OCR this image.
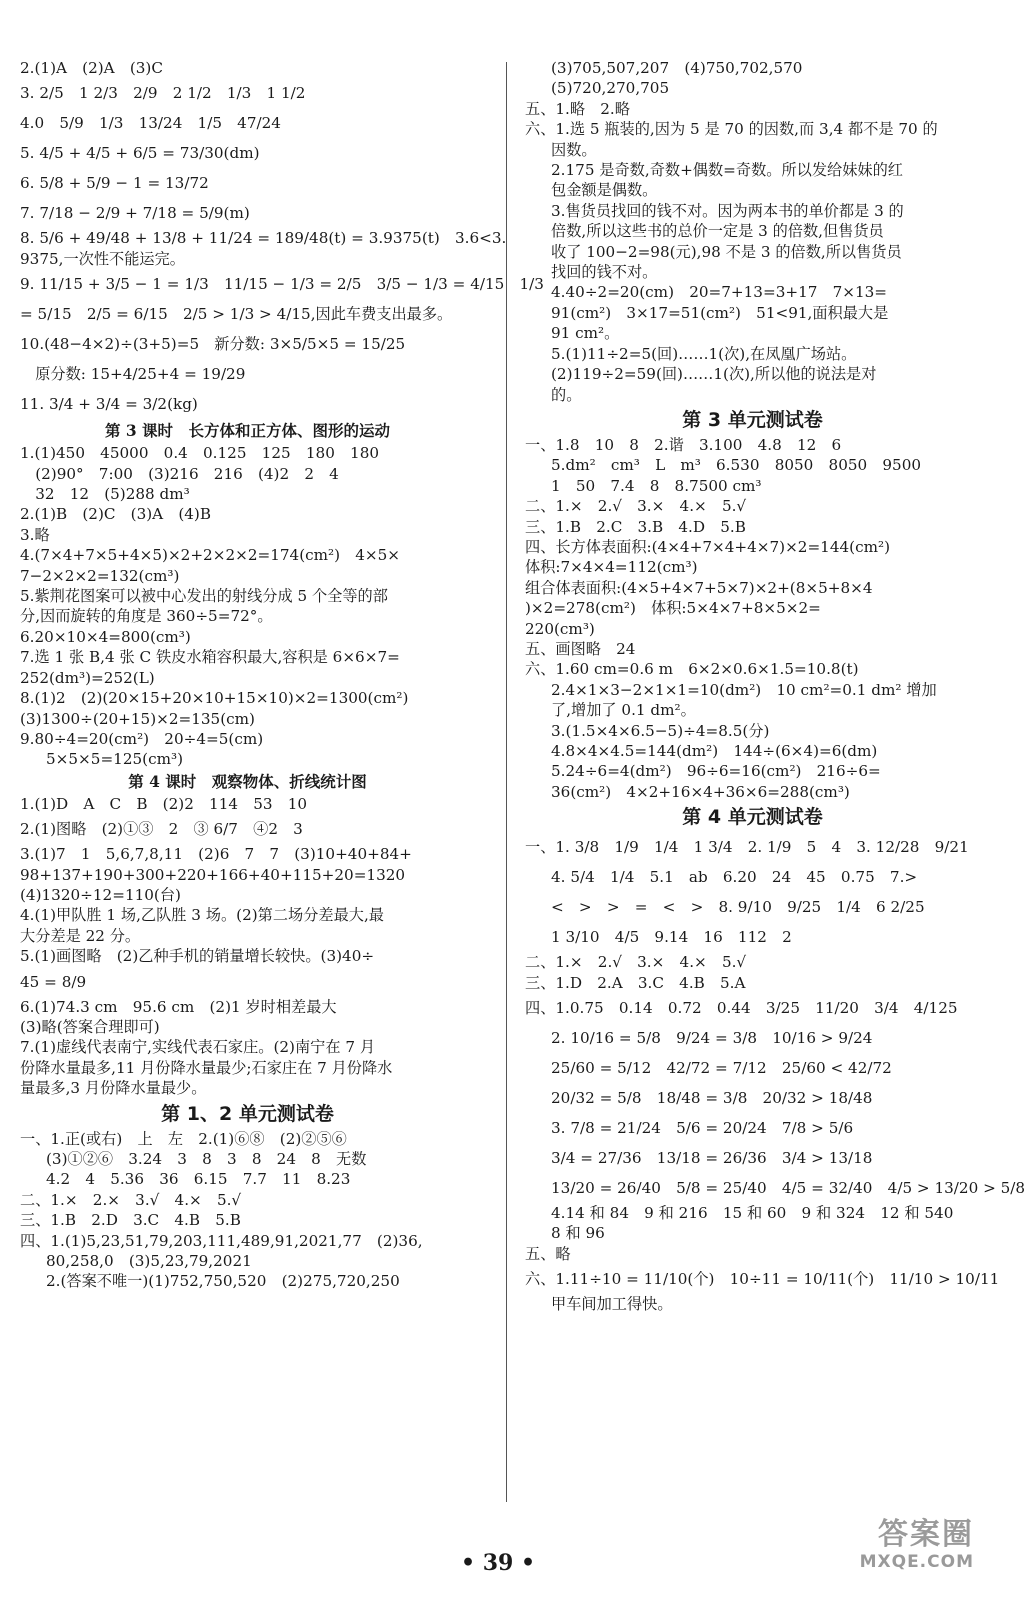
2.(1)A　(2)A　(3)C
3. 2/5　1 2/3　2/9　2 1/2　1/3　1 1/2
4.0　5/9　1/3　13/24　1/5　47/24
5. 4/5 + 4/5 + 6/5 = 73/30(dm)
6. 5/8 + 5/9 − 1 = 13/72
7. 7/18 − 2/9 + 7/18 = 5/9(m)
8. 5/6 + 49/48 + 13/8 + 11/24 = 189/48(t) = 3.9375(t)　3.6<3.
9375,一次性不能运完。
9. 11/15 + 3/5 − 1 = 1/3　11/15 − 1/3 = 2/5　3/5 − 1/3 = 4/15　1/3
= 5/15　2/5 = 6/15　2/5 > 1/3 > 4/15,因此车费支出最多。
10.(48−4×2)÷(3+5)=5　新分数: 3×5/5×5 = 15/25
　原分数: 15+4/25+4 = 19/29
11. 3/4 + 3/4 = 3/2(kg)
第 3 课时　长方体和正方体、图形的运动
1.(1)450　45000　0.4　0.125　125　180　180
　(2)90°　7:00　(3)216　216　(4)2　2　4
　32　12　(5)288 dm³
2.(1)B　(2)C　(3)A　(4)B
3.略
4.(7×4+7×5+4×5)×2+2×2×2=174(cm²)　4×5×
7−2×2×2=132(cm³)
5.紫荆花图案可以被中心发出的射线分成 5 个全等的部
分,因而旋转的角度是 360÷5=72°。
6.20×10×4=800(cm³)
7.选 1 张 B,4 张 C 铁皮水箱容积最大,容积是 6×6×7=
252(dm³)=252(L)
8.(1)2　(2)(20×15+20×10+15×10)×2=1300(cm²)
(3)1300÷(20+15)×2=135(cm)
9.80÷4=20(cm²)　20÷4=5(cm)
5×5×5=125(cm³)
第 4 课时　观察物体、折线统计图
1.(1)D　A　C　B　(2)2　114　53　10
2.(1)图略　(2)①③　2　③ 6/7　④2　3
3.(1)7　1　5,6,7,8,11　(2)6　7　7　(3)10+40+84+
98+137+190+300+220+166+40+115+20=1320
(4)1320÷12=110(台)
4.(1)甲队胜 1 场,乙队胜 3 场。(2)第二场分差最大,最
大分差是 22 分。
5.(1)画图略　(2)乙种手机的销量增长较快。(3)40÷
45 = 8/9
6.(1)74.3 cm　95.6 cm　(2)1 岁时相差最大
(3)略(答案合理即可)
7.(1)虚线代表南宁,实线代表石家庄。(2)南宁在 7 月
份降水量最多,11 月份降水量最少;石家庄在 7 月份降水
量最多,3 月份降水量最少。
第 1、2 单元测试卷
一、1.正(或右)　上　左　2.(1)⑥⑧　(2)②⑤⑥
(3)①②⑥　3.24　3　8　3　8　24　8　无数
4.2　4　5.36　36　6.15　7.7　11　8.23
二、1.×　2.×　3.√　4.×　5.√
三、1.B　2.D　3.C　4.B　5.B
四、1.(1)5,23,51,79,203,111,489,91,2021,77　(2)36,
80,258,0　(3)5,23,79,2021
2.(答案不唯一)(1)752,750,520　(2)275,720,250
(3)705,507,207　(4)750,702,570
(5)720,270,705
五、1.略　2.略
六、1.选 5 瓶装的,因为 5 是 70 的因数,而 3,4 都不是 70 的
因数。
2.175 是奇数,奇数+偶数=奇数。所以发给妹妹的红
包金额是偶数。
3.售货员找回的钱不对。因为两本书的单价都是 3 的
倍数,所以这些书的总价一定是 3 的倍数,但售货员
收了 100−2=98(元),98 不是 3 的倍数,所以售货员
找回的钱不对。
4.40÷2=20(cm)　20=7+13=3+17　7×13=
91(cm²)　3×17=51(cm²)　51<91,面积最大是
91 cm²。
5.(1)11÷2=5(回)……1(次),在凤凰广场站。
(2)119÷2=59(回)……1(次),所以他的说法是对
的。
第 3 单元测试卷
一、1.8　10　8　2.谐　3.100　4.8　12　6
5.dm²　cm³　L　m³　6.530　8050　8050　9500
1　50　7.4　8　8.7500 cm³
二、1.×　2.√　3.×　4.×　5.√
三、1.B　2.C　3.B　4.D　5.B
四、长方体表面积:(4×4+7×4+4×7)×2=144(cm²)
体积:7×4×4=112(cm³)
组合体表面积:(4×5+4×7+5×7)×2+(8×5+8×4
)×2=278(cm²)　体积:5×4×7+8×5×2=
220(cm³)
五、画图略　24
六、1.60 cm=0.6 m　6×2×0.6×1.5=10.8(t)
2.4×1×3−2×1×1=10(dm²)　10 cm²=0.1 dm² 增加
了,增加了 0.1 dm²。
3.(1.5×4×6.5−5)÷4=8.5(分)
4.8×4×4.5=144(dm²)　144÷(6×4)=6(dm)
5.24÷6=4(dm²)　96÷6=16(cm²)　216÷6=
36(cm²)　4×2+16×4+36×6=288(cm³)
第 4 单元测试卷
一、1. 3/8　1/9　1/4　1 3/4　2. 1/9　5　4　3. 12/28　9/21
4. 5/4　1/4　5.1　ab　6.20　24　45　0.75　7.>
<　>　>　=　<　>　8. 9/10　9/25　1/4　6 2/25
1 3/10　4/5　9.14　16　112　2
二、1.×　2.√　3.×　4.×　5.√
三、1.D　2.A　3.C　4.B　5.A
四、1.0.75　0.14　0.72　0.44　3/25　11/20　3/4　4/125
2. 10/16 = 5/8　9/24 = 3/8　10/16 > 9/24
25/60 = 5/12　42/72 = 7/12　25/60 < 42/72
20/32 = 5/8　18/48 = 3/8　20/32 > 18/48
3. 7/8 = 21/24　5/6 = 20/24　7/8 > 5/6
3/4 = 27/36　13/18 = 26/36　3/4 > 13/18
13/20 = 26/40　5/8 = 25/40　4/5 = 32/40　4/5 > 13/20 > 5/8
4.14 和 84　9 和 216　15 和 60　9 和 324　12 和 540
8 和 96
五、略
六、1.11÷10 = 11/10(个)　10÷11 = 10/11(个)　11/10 > 10/11
甲车间加工得快。
• 39 •
答案圈
MXQE.COM
